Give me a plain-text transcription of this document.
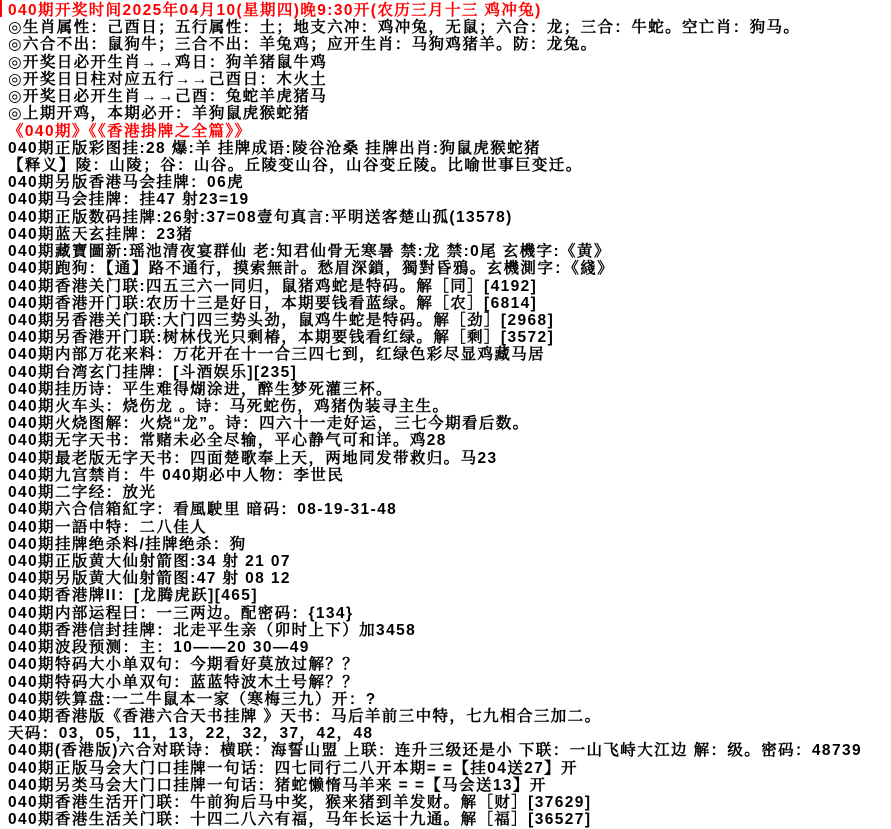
040期开奖时间2025年04月10(星期四)晚9:30开(农历三月十三 鸡冲兔)
◎生肖属性：己酉日；五行属性：土；地支六冲：鸡冲兔，无鼠；六合：龙；三合：牛蛇。空亡肖：狗马。
◎六合不出：鼠狗牛；三合不出：羊兔鸡；应开生肖：马狗鸡猪羊。防：龙兔。
◎开奖日必开生肖→→鸡日：狗羊猪鼠牛鸡
◎开奖日日柱对应五行→→己酉日：木火土
◎开奖日必开生肖→→己酉：兔蛇羊虎猪马
◎上期开鸡，本期必开：羊狗鼠虎猴蛇猪
《040期》《《香港掛牌之全篇》》
040期正版彩图挂:28 爆:羊 挂牌成语:陵谷沧桑 挂牌出肖:狗鼠虎猴蛇猪
【释义】陵：山陵；谷：山谷。丘陵变山谷，山谷变丘陵。比喻世事巨变迁。
040期另版香港马会挂牌：06虎
040期马会挂牌：挂47 射23=19
040期正版数码挂牌:26射:37=08壹句真言:平明送客楚山孤(13578)
040期蓝天玄挂牌：23猪
040期藏寶圖新:瑶池清夜宴群仙 老:知君仙骨无寒暑 禁:龙 禁:0尾 玄機字:《黄》
040期跑狗：【通】路不通行，摸索無計。愁眉深鎖，獨對昏鴉。玄機測字：《綫》
040期香港关门联:四五三六一同归，鼠猪鸡蛇是特码。解［同］[4192]
040期香港开门联:农历十三是好日，本期要钱看蓝绿。解［农］[6814]
040期另香港关门联:大门四三势头劲，鼠鸡牛蛇是特码。解［劲］[2968]
040期另香港开门联:树林伐光只剩椿，本期要钱看红绿。解［剩］[3572]
040期内部万花来料：万花开在十一合三四七到，红绿色彩尽显鸡藏马居
040期台湾玄门挂牌：[斗酒娱乐][235]
040期挂历诗：平生难得煳涂进，醉生梦死灌三杯。
040期火车头：烧伤龙 。诗：马死蛇伤，鸡猪伪装寻主生。
040期火烧图解：火烧“龙”。诗：四六十一走好运，三七今期看后数。
040期无字天书：常赌未必全尽输，平心静气可和详。鸡28
040期最老版无字天书：四面楚歌奉上天，两地同发带救归。马23
040期九宫禁肖：牛 040期必中人物：李世民
040期二字经：放光
040期六合信箱紅字：看風駛里 暗码：08-19-31-48
040期一語中特：二八佳人
040期挂牌绝杀料/挂牌绝杀：狗
040期正版黄大仙射箭图:34 射 21 07
040期另版黄大仙射箭图:47 射 08 12
040期香港牌II：[龙腾虎跃][465]
040期内部运程曰：一三两边。配密码：{134}
040期香港信封挂牌：北走平生亲（卯时上下）加3458
040期波段预测：主：10——20 30—49
040期特码大小单双句：今期看好莫放过解？？
040期特码大小单双句：蓝蓝特波木土号解？？
040期铁算盘:一二牛鼠本一家（寒梅三九）开：?
040期香港版《香港六合天书挂牌 》天书：马后羊前三中特，七九相合三加二。
天码：03，05，11，13，22，32，37，42，48
040期(香港版)六合对联诗：横联：海誓山盟 上联：连升三级还是小 下联：一山飞峙大江边 解：级。密码：48739
040期正版马会大门口挂牌一句话：四七同行二八开本期= =【挂04送27】开
040期另类马会大门口挂牌一句话：猪蛇懒惰马羊来 = =【马会送13】开
040期香港生活开门联：牛前狗后马中奖，猴来猪到羊发财。解［财］[37629]
040期香港生活关门联：十四二八六有福，马年长运十九通。解［福］[36527]
